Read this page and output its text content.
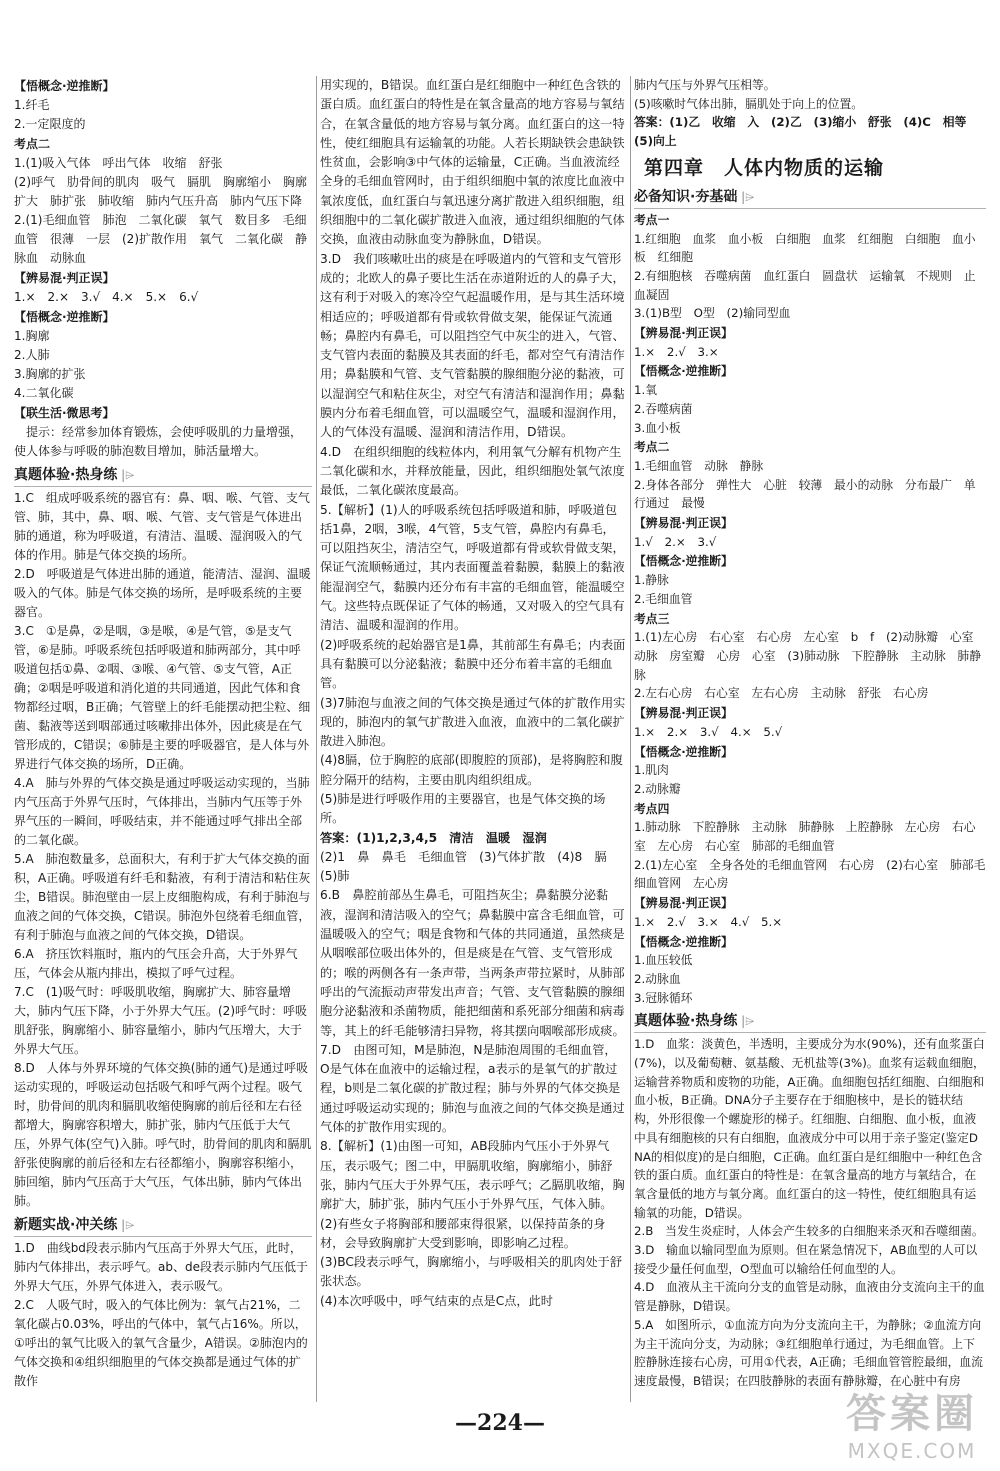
【悟概念·逆推断】
1.纤毛
2.一定限度的
考点二
1.(1)吸入气体　呼出气体　收缩　舒张
(2)呼气　肋骨间的肌肉　吸气　膈肌　胸廓缩小　胸廓扩大　肺扩张　肺收缩　肺内气压升高　肺内气压下降
2.(1)毛细血管　肺泡　二氧化碳　氧气　数目多　毛细血管　很薄　一层　(2)扩散作用　氧气　二氧化碳　静脉血　动脉血
【辨易混·判正误】
1.×　2.×　3.√　4.×　5.×　6.√
【悟概念·逆推断】
1.胸廓
2.人肺
3.胸廓的扩张
4.二氧化碳
【联生活·微思考】
　提示：经常参加体育锻炼，会使呼吸肌的力量增强，使人体参与呼吸的肺泡数目增加，肺活量增大。
真题体验·热身练 |⌲
1.C　组成呼吸系统的器官有：鼻、咽、喉、气管、支气管、肺，其中，鼻、咽、喉、气管、支气管是气体进出肺的通道，称为呼吸道，有清洁、温暖、湿润吸入的气体的作用。肺是气体交换的场所。
2.D　呼吸道是气体进出肺的通道，能清洁、湿润、温暖吸入的气体。肺是气体交换的场所，是呼吸系统的主要器官。
3.C　①是鼻，②是咽，③是喉，④是气管，⑤是支气管，⑥是肺。呼吸系统包括呼吸道和肺两部分，其中呼吸道包括①鼻、②咽、③喉、④气管、⑤支气管，A正确；②咽是呼吸道和消化道的共同通道，因此气体和食物都经过咽，B正确；气管壁上的纤毛能摆动把尘粒、细菌、黏液等送到咽部通过咳嗽排出体外，因此痰是在气管形成的，C错误；⑥肺是主要的呼吸器官，是人体与外界进行气体交换的场所，D正确。
4.A　肺与外界的气体交换是通过呼吸运动实现的，当肺内气压高于外界气压时，气体排出，当肺内气压等于外界气压的一瞬间，呼吸结束，并不能通过呼气排出全部的二氧化碳。
5.A　肺泡数量多，总面积大，有利于扩大气体交换的面积，A正确。呼吸道有纤毛和黏液，有利于清洁和粘住灰尘，B错误。肺泡壁由一层上皮细胞构成，有利于肺泡与血液之间的气体交换，C错误。肺泡外包绕着毛细血管，有利于肺泡与血液之间的气体交换，D错误。
6.A　挤压饮料瓶时，瓶内的气压会升高，大于外界气压，气体会从瓶内排出，模拟了呼气过程。
7.C　(1)吸气时：呼吸肌收缩，胸廓扩大、肺容量增大，肺内气压下降，小于外界大气压。(2)呼气时：呼吸肌舒张，胸廓缩小、肺容量缩小，肺内气压增大，大于外界大气压。
8.D　人体与外界环境的气体交换(肺的通气)是通过呼吸运动实现的，呼吸运动包括吸气和呼气两个过程。吸气时，肋骨间的肌肉和膈肌收缩使胸廓的前后径和左右径都增大，胸廓容积增大，肺扩张，肺内气压低于大气压，外界气体(空气)入肺。呼气时，肋骨间的肌肉和膈肌舒张使胸廓的前后径和左右径都缩小，胸廓容积缩小，肺回缩，肺内气压高于大气压，气体出肺，肺内气体出肺。
新题实战·冲关练 |⌲
1.D　曲线bd段表示肺内气压高于外界大气压，此时，肺内气体排出，表示呼气。ab、de段表示肺内气压低于外界大气压，外界气体进入，表示吸气。
2.C　人吸气时，吸入的气体比例为：氧气占21%，二氧化碳占0.03%，呼出的气体中，氧气占16%。所以，①呼出的氧气比吸入的氧气含量少，A错误。②肺泡内的气体交换和④组织细胞里的气体交换都是通过气体的扩散作
用实现的，B错误。血红蛋白是红细胞中一种红色含铁的蛋白质。血红蛋白的特性是在氧含量高的地方容易与氧结合，在氧含量低的地方容易与氧分离。血红蛋白的这一特性，使红细胞具有运输氧的功能。人若长期缺铁会患缺铁性贫血，会影响③中气体的运输量，C正确。当血液流经全身的毛细血管网时，由于组织细胞中氧的浓度比血液中氧浓度低，血红蛋白与氧迅速分离扩散进入组织细胞，组织细胞中的二氧化碳扩散进入血液，通过组织细胞的气体交换，血液由动脉血变为静脉血，D错误。
3.D　我们咳嗽吐出的痰是在呼吸道内的气管和支气管形成的；北欧人的鼻子要比生活在赤道附近的人的鼻子大，这有利于对吸入的寒冷空气起温暖作用，是与其生活环境相适应的；呼吸道都有骨或软骨做支架，能保证气流通畅；鼻腔内有鼻毛，可以阻挡空气中灰尘的进入，气管、支气管内表面的黏膜及其表面的纤毛，都对空气有清洁作用；鼻黏膜和气管、支气管黏膜的腺细胞分泌的黏液，可以湿润空气和粘住灰尘，对空气有清洁和湿润作用；鼻黏膜内分布着毛细血管，可以温暖空气，温暖和湿润作用，人的气体没有温暖、湿润和清洁作用，D错误。
4.D　在组织细胞的线粒体内，利用氧气分解有机物产生二氧化碳和水，并释放能量，因此，组织细胞处氧气浓度最低，二氧化碳浓度最高。
5.【解析】(1)人的呼吸系统包括呼吸道和肺，呼吸道包括1鼻，2咽，3喉，4气管，5支气管，鼻腔内有鼻毛，可以阻挡灰尘，清洁空气，呼吸道都有骨或软骨做支架，保证气流顺畅通过，其内表面覆盖着黏膜，黏膜上的黏液能湿润空气，黏膜内还分布有丰富的毛细血管，能温暖空气。这些特点既保证了气体的畅通，又对吸入的空气具有清洁、温暖和湿润的作用。
(2)呼吸系统的起始器官是1鼻，其前部生有鼻毛；内表面具有黏膜可以分泌黏液；黏膜中还分布着丰富的毛细血管。
(3)7肺泡与血液之间的气体交换是通过气体的扩散作用实现的，肺泡内的氧气扩散进入血液，血液中的二氧化碳扩散进入肺泡。
(4)8膈，位于胸腔的底部(即腹腔的顶部)，是将胸腔和腹腔分隔开的结构，主要由肌肉组织组成。
(5)肺是进行呼吸作用的主要器官，也是气体交换的场所。
答案：(1)1,2,3,4,5　清洁　温暖　湿润
(2)1　鼻　鼻毛　毛细血管　(3)气体扩散　(4)8　膈　(5)肺
6.B　鼻腔前部丛生鼻毛，可阻挡灰尘；鼻黏膜分泌黏液，湿润和清洁吸入的空气；鼻黏膜中富含毛细血管，可温暖吸入的空气；咽是食物和气体的共同通道，虽然痰是从咽喉部位吸出体外的，但是痰是在气管、支气管形成的；喉的两侧各有一条声带，当两条声带拉紧时，从肺部呼出的气流振动声带发出声音；气管、支气管黏膜的腺细胞分泌黏液和杀菌物质，能把细菌和系死部分细菌和病毒等，其上的纤毛能够清扫异物，将其摆向咽喉部形成痰。
7.D　由图可知，M是肺泡，N是肺泡周围的毛细血管，O是气体在血液中的运输过程，a表示的是氧气的扩散过程，b则是二氧化碳的扩散过程；肺与外界的气体交换是通过呼吸运动实现的；肺泡与血液之间的气体交换是通过气体的扩散作用实现的。
8.【解析】(1)由图一可知，AB段肺内气压小于外界气压，表示吸气；图二中，甲膈肌收缩，胸廓缩小，肺舒张，肺内气压大于外界气压，表示呼气；乙膈肌收缩，胸廓扩大，肺扩张，肺内气压小于外界气压，气体入肺。
(2)有些女子将胸部和腰部束得很紧，以保持苗条的身材，会导致胸廓扩大受到影响，即影响乙过程。
(3)BC段表示呼气，胸廓缩小，与呼吸相关的肌肉处于舒张状态。
(4)本次呼吸中，呼气结束的点是C点，此时
肺内气压与外界气压相等。
(5)咳嗽时气体出肺，膈肌处于向上的位置。
答案：(1)乙　收缩　入　(2)乙　(3)缩小　舒张　(4)C　相等　(5)向上
第四章　人体内物质的运输
必备知识·夯基础 |⌲
考点一
1.红细胞　血浆　血小板　白细胞　血浆　红细胞　白细胞　血小板　红细胞
2.有细胞核　吞噬病菌　血红蛋白　圆盘状　运输氧　不规则　止血凝固
3.(1)B型　O型　(2)输同型血
【辨易混·判正误】
1.×　2.√　3.×
【悟概念·逆推断】
1.氧
2.吞噬病菌
3.血小板
考点二
1.毛细血管　动脉　静脉
2.身体各部分　弹性大　心脏　较薄　最小的动脉　分布最广　单行通过　最慢
【辨易混·判正误】
1.√　2.×　3.√
【悟概念·逆推断】
1.静脉
2.毛细血管
考点三
1.(1)左心房　右心室　右心房　左心室　b　f　(2)动脉瓣　心室　动脉　房室瓣　心房　心室　(3)肺动脉　下腔静脉　主动脉　肺静脉
2.左右心房　右心室　左右心房　主动脉　舒张　右心房
【辨易混·判正误】
1.×　2.×　3.√　4.×　5.√
【悟概念·逆推断】
1.肌肉
2.动脉瓣
考点四
1.肺动脉　下腔静脉　主动脉　肺静脉　上腔静脉　左心房　右心室　左心房　右心室　肺部的毛细血管
2.(1)左心室　全身各处的毛细血管网　右心房　(2)右心室　肺部毛细血管网　左心房
【辨易混·判正误】
1.×　2.√　3.×　4.√　5.×
【悟概念·逆推断】
1.血压较低
2.动脉血
3.冠脉循环
真题体验·热身练 |⌲
1.D　血浆：淡黄色，半透明，主要成分为水(90%)，还有血浆蛋白(7%)，以及葡萄糖、氨基酸、无机盐等(3%)。血浆有运载血细胞，运输营养物质和废物的功能，A正确。血细胞包括红细胞、白细胞和血小板，B正确。DNA分子主要存在于细胞核中，是长的链状结构，外形很像一个螺旋形的梯子。红细胞、白细胞、血小板，血液中具有细胞核的只有白细胞，血液成分中可以用于亲子鉴定(鉴定DNA的相似度)的是白细胞，C正确。血红蛋白是红细胞中一种红色含铁的蛋白质。血红蛋白的特性是：在氧含量高的地方与氧结合，在氧含量低的地方与氧分离。血红蛋白的这一特性，使红细胞具有运输氧的功能，D错误。
2.B　当发生炎症时，人体会产生较多的白细胞来杀灭和吞噬细菌。
3.D　输血以输同型血为原则。但在紧急情况下，AB血型的人可以接受少量任何血型，O型血可以输给任何血型的人。
4.D　血液从主干流向分支的血管是动脉，血液由分支流向主干的血管是静脉，D错误。
5.A　如图所示，①血流方向为分支流向主干，为静脉；②血流方向为主干流向分支，为动脉；③红细胞单行通过，为毛细血管。上下腔静脉连接右心房，可用①代表，A正确；毛细血管管腔最细，血流速度最慢，B错误；在四肢静脉的表面有静脉瓣，在心脏中有房
—224—	答案圈
MXQE.COM
